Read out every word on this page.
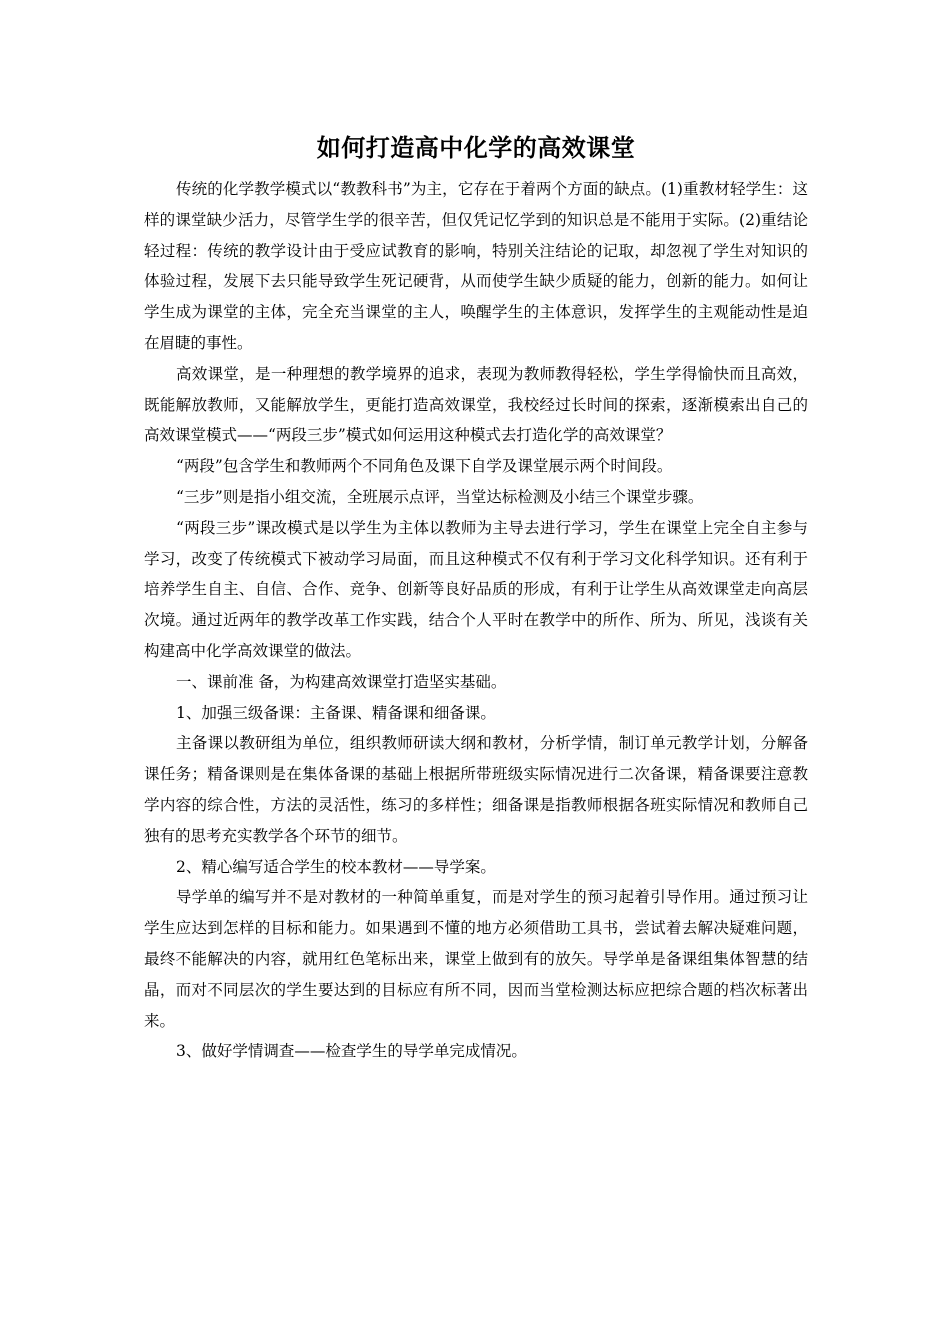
如何打造高中化学的高效课堂

传统的化学教学模式以“教教科书”为主，它存在于着两个方面的缺点。(1)重教材轻学生：这样的课堂缺少活力，尽管学生学的很辛苦，但仅凭记忆学到的知识总是不能用于实际。(2)重结论轻过程：传统的教学设计由于受应试教育的影响，特别关注结论的记取，却忽视了学生对知识的体验过程，发展下去只能导致学生死记硬背，从而使学生缺少质疑的能力，创新的能力。如何让学生成为课堂的主体，完全充当课堂的主人，唤醒学生的主体意识，发挥学生的主观能动性是迫在眉睫的事性。

高效课堂，是一种理想的教学境界的追求，表现为教师教得轻松，学生学得愉快而且高效，既能解放教师，又能解放学生，更能打造高效课堂，我校经过长时间的探索，逐渐模索出自己的高效课堂模式——“两段三步”模式如何运用这种模式去打造化学的高效课堂？

“两段”包含学生和教师两个不同角色及课下自学及课堂展示两个时间段。

“三步”则是指小组交流，全班展示点评，当堂达标检测及小结三个课堂步骤。

“两段三步”课改模式是以学生为主体以教师为主导去进行学习，学生在课堂上完全自主参与学习，改变了传统模式下被动学习局面，而且这种模式不仅有利于学习文化科学知识。还有利于培养学生自主、自信、合作、竞争、创新等良好品质的形成，有利于让学生从高效课堂走向高层次境。通过近两年的教学改革工作实践，结合个人平时在教学中的所作、所为、所见，浅谈有关构建高中化学高效课堂的做法。

一、课前准 备，为构建高效课堂打造坚实基础。

1、加强三级备课：主备课、精备课和细备课。

主备课以教研组为单位，组织教师研读大纲和教材，分析学情，制订单元教学计划，分解备课任务；精备课则是在集体备课的基础上根据所带班级实际情况进行二次备课，精备课要注意教学内容的综合性，方法的灵活性，练习的多样性；细备课是指教师根据各班实际情况和教师自己独有的思考充实教学各个环节的细节。

2、精心编写适合学生的校本教材——导学案。

导学单的编写并不是对教材的一种简单重复，而是对学生的预习起着引导作用。通过预习让学生应达到怎样的目标和能力。如果遇到不懂的地方必须借助工具书，尝试着去解决疑难问题，最终不能解决的内容，就用红色笔标出来，课堂上做到有的放矢。导学单是备课组集体智慧的结晶，而对不同层次的学生要达到的目标应有所不同，因而当堂检测达标应把综合题的档次标著出来。

3、做好学情调查——检查学生的导学单完成情况。
